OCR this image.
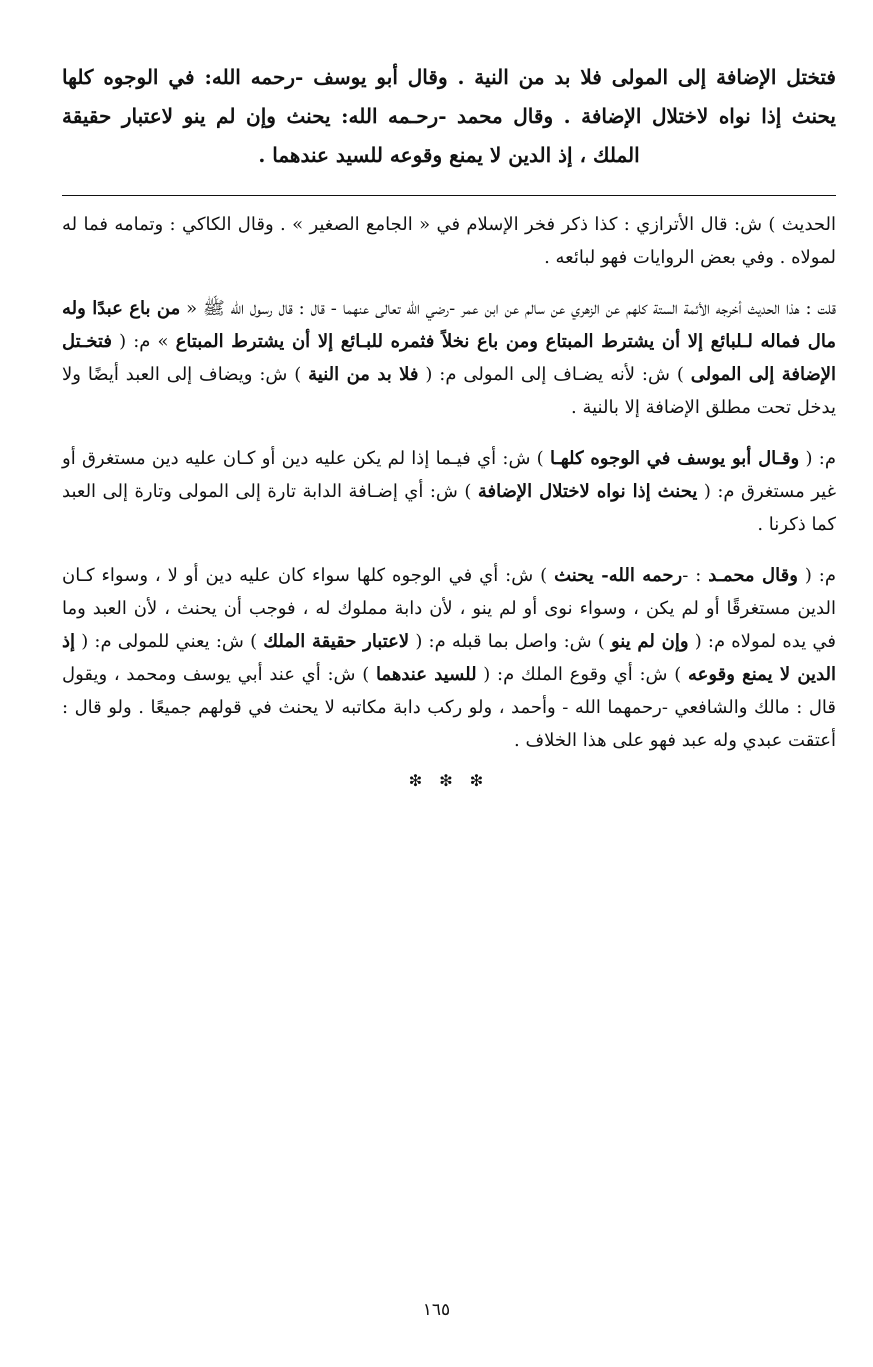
فتختل الإضافة إلى المولى فلا بد من النية . وقال أبو يوسف -رحمه الله: في الوجوه كلها يحنث إذا نواه لاختلال الإضافة . وقال محمد -رحـمه الله: يحنث وإن لم ينو لاعتبار حقيقة الملك ، إذ الدين لا يمنع وقوعه للسيد عندهما .

الحديث ) ش: قال الأترازي : كذا ذكر فخر الإسلام في « الجامع الصغير » . وقال الكاكي : وتمامه فما له لمولاه . وفي بعض الروايات فهو لبائعه .

قلت : هذا الحديث أخرجه الأئمة الستة كلهم عن الزهري عن سالم عن ابن عمر -رضي الله تعالى عنهما - قال : قال رسول الله ﷺ « من باع عبدًا وله مال فماله لـلبائع إلا أن يشترط المبتاع ومن باع نخلاً فثمره للبـائع إلا أن يشترط المبتاع » م: ( فتخـتل الإضافة إلى المولى ) ش: لأنه يضـاف إلى المولى م: ( فلا بد من النية ) ش: ويضاف إلى العبد أيضًا ولا يدخل تحت مطلق الإضافة إلا بالنية .

م: ( وقـال أبو يوسف في الوجوه كلهـا ) ش: أي فيـما إذا لم يكن عليه دين أو كـان عليه دين مستغرق أو غير مستغرق م: ( يحنث إذا نواه لاختلال الإضافة ) ش: أي إضـافة الدابة تارة إلى المولى وتارة إلى العبد كما ذكرنا .

م: ( وقال محمـد : -رحمه الله- يحنث ) ش: أي في الوجوه كلها سواء كان عليه دين أو لا ، وسواء كـان الدين مستغرقًا أو لم يكن ، وسواء نوى أو لم ينو ، لأن دابة مملوك له ، فوجب أن يحنث ، لأن العبد وما في يده لمولاه م: ( وإن لم ينو ) ش: واصل بما قبله م: ( لاعتبار حقيقة الملك ) ش: يعني للمولى م: ( إذ الدين لا يمنع وقوعه ) ش: أي وقوع الملك م: ( للسيد عندهما ) ش: أي عند أبي يوسف ومحمد ، ويقول قال : مالك والشافعي -رحمهما الله - وأحمد ، ولو ركب دابة مكاتبه لا يحنث في قولهم جميعًا . ولو قال : أعتقت عبدي وله عبد فهو على هذا الخلاف .

❇ ❇ ❇
١٦٥
